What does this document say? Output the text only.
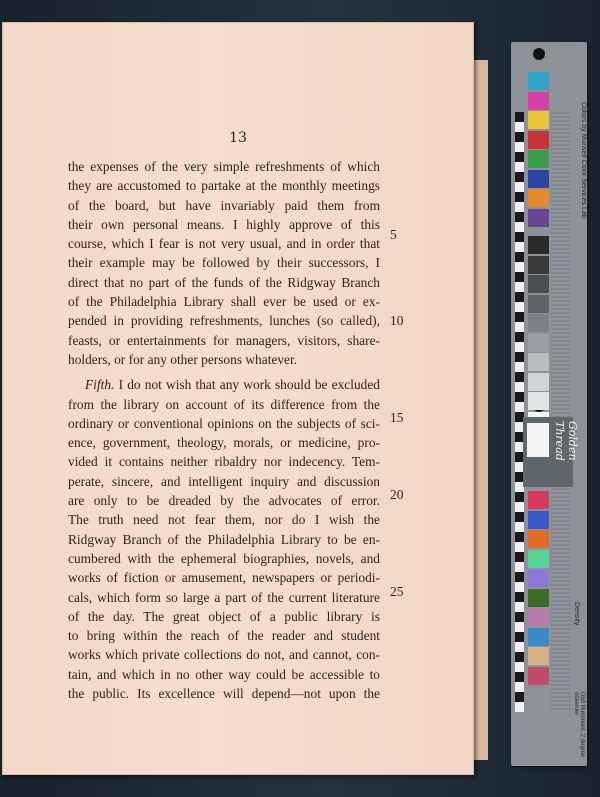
13
the expenses of the very simple refreshments of which
they are accustomed to partake at the monthly meetings
of the board, but have invariably paid them from
their own personal means. I highly approve of this
course, which I fear is not very usual, and in order that
their example may be followed by their successors, I
direct that no part of the funds of the Ridgway Branch
of the Philadelphia Library shall ever be used or ex-
pended in providing refreshments, lunches (so called),
feasts, or entertainments for managers, visitors, share-
holders, or for any other persons whatever.
Fifth. I do not wish that any work should be excluded
from the library on account of its difference from the
ordinary or conventional opinions on the subjects of sci-
ence, government, theology, morals, or medicine, pro-
vided it contains neither ribaldry nor indecency. Tem-
perate, sincere, and intelligent inquiry and discussion
are only to be dreaded by the advocates of error.
The truth need not fear them, nor do I wish the
Ridgway Branch of the Philadelphia Library to be en-
cumbered with the ephemeral biographies, novels, and
works of fiction or amusement, newspapers or periodi-
cals, which form so large a part of the current literature
of the day. The great object of a public library is
to bring within the reach of the reader and student
works which private collections do not, and cannot, con-
tain, and which in no other way could be accessible to
the public. Its excellence will depend—not upon the
5
10
15
20
25
Colors by Munsell Color Services Lab
Golden Thread
Density
D50 Illuminant, 2 degree observer
